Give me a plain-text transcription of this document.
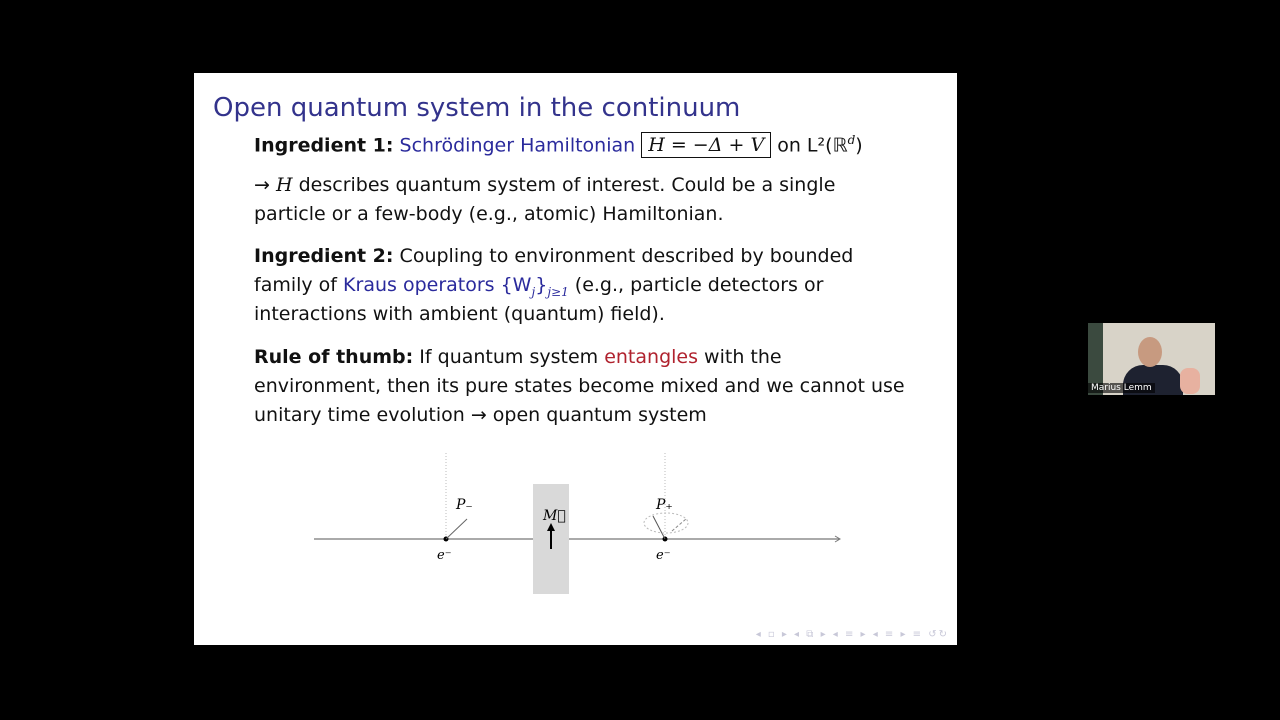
Open quantum system in the continuum
Ingredient 1: Schrödinger Hamiltonian H = −Δ + V on L²(ℝ$^d$)
→ H describes quantum system of interest. Could be a single
particle or a few-body (e.g., atomic) Hamiltonian.
Ingredient 2: Coupling to environment described by bounded
family of Kraus operators $\{W_j\}_{j\ge 1}$ (e.g., particle detectors or
interactions with ambient (quantum) field).
Rule of thumb: If quantum system entangles with the
environment, then its pure states become mixed and we cannot use
unitary time evolution → open quantum system
M⃗
P₋
e⁻
P₊
e⁻
◂ ▫ ▸ ◂ ⧉ ▸ ◂ ≡ ▸ ◂ ≡ ▸ ≡ ↺↻
Marius Lemm
